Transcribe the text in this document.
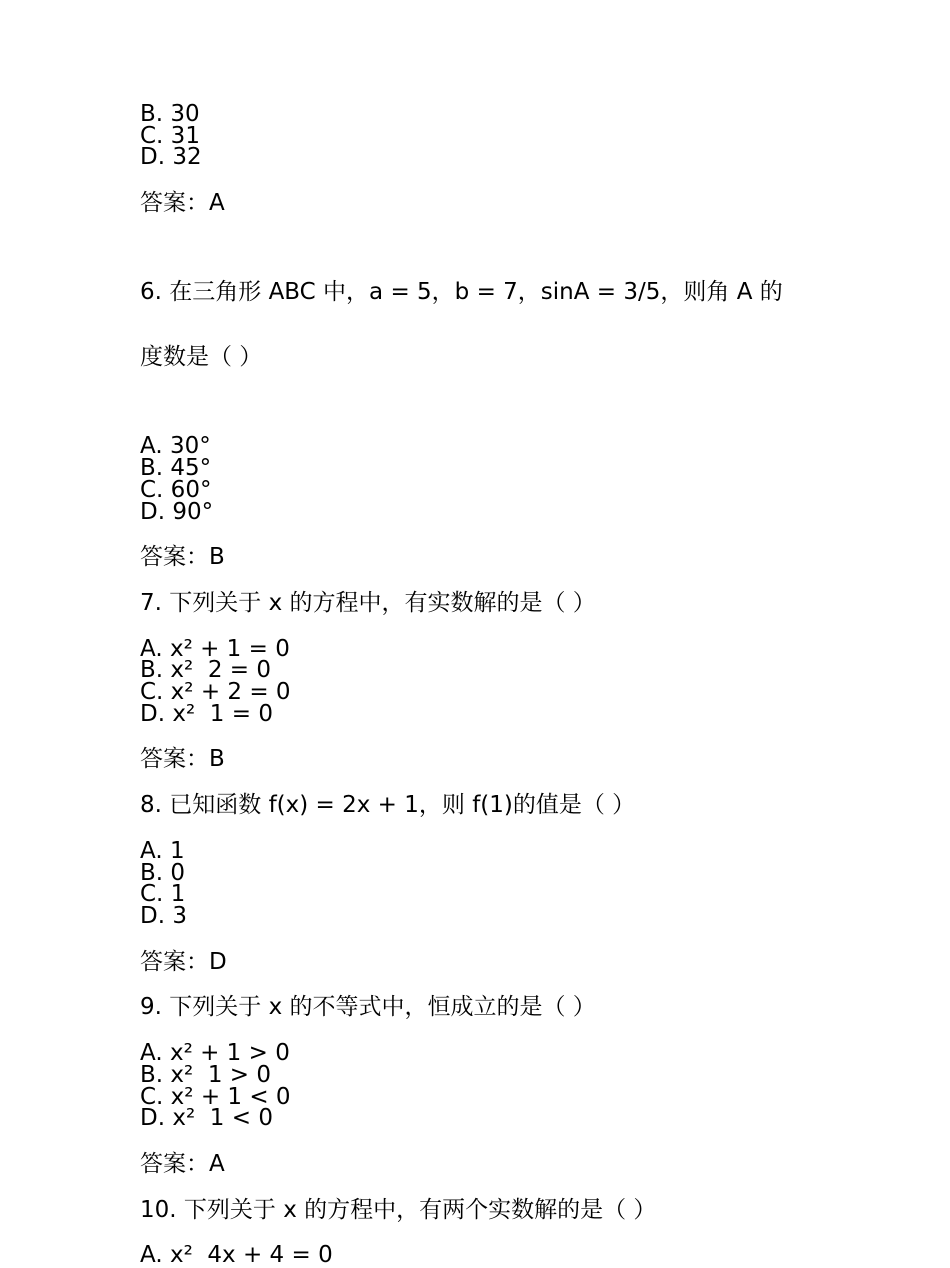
B. 30
C. 31
D. 32
答案：A

6. 在三角形 ABC 中，a = 5，b = 7，sinA = 3/5，则角 A 的

度数是（ ）

A. 30°
B. 45°
C. 60°
D. 90°
答案：B
7. 下列关于 x 的方程中，有实数解的是（ ）
A. x² + 1 = 0
B. x²  2 = 0
C. x² + 2 = 0
D. x²  1 = 0
答案：B
8. 已知函数 f(x) = 2x + 1，则 f(1)的值是（ ）
A. 1
B. 0
C. 1
D. 3
答案：D
9. 下列关于 x 的不等式中，恒成立的是（ ）
A. x² + 1 > 0
B. x²  1 > 0
C. x² + 1 < 0
D. x²  1 < 0
答案：A
10. 下列关于 x 的方程中，有两个实数解的是（ ）
A. x²  4x + 4 = 0
